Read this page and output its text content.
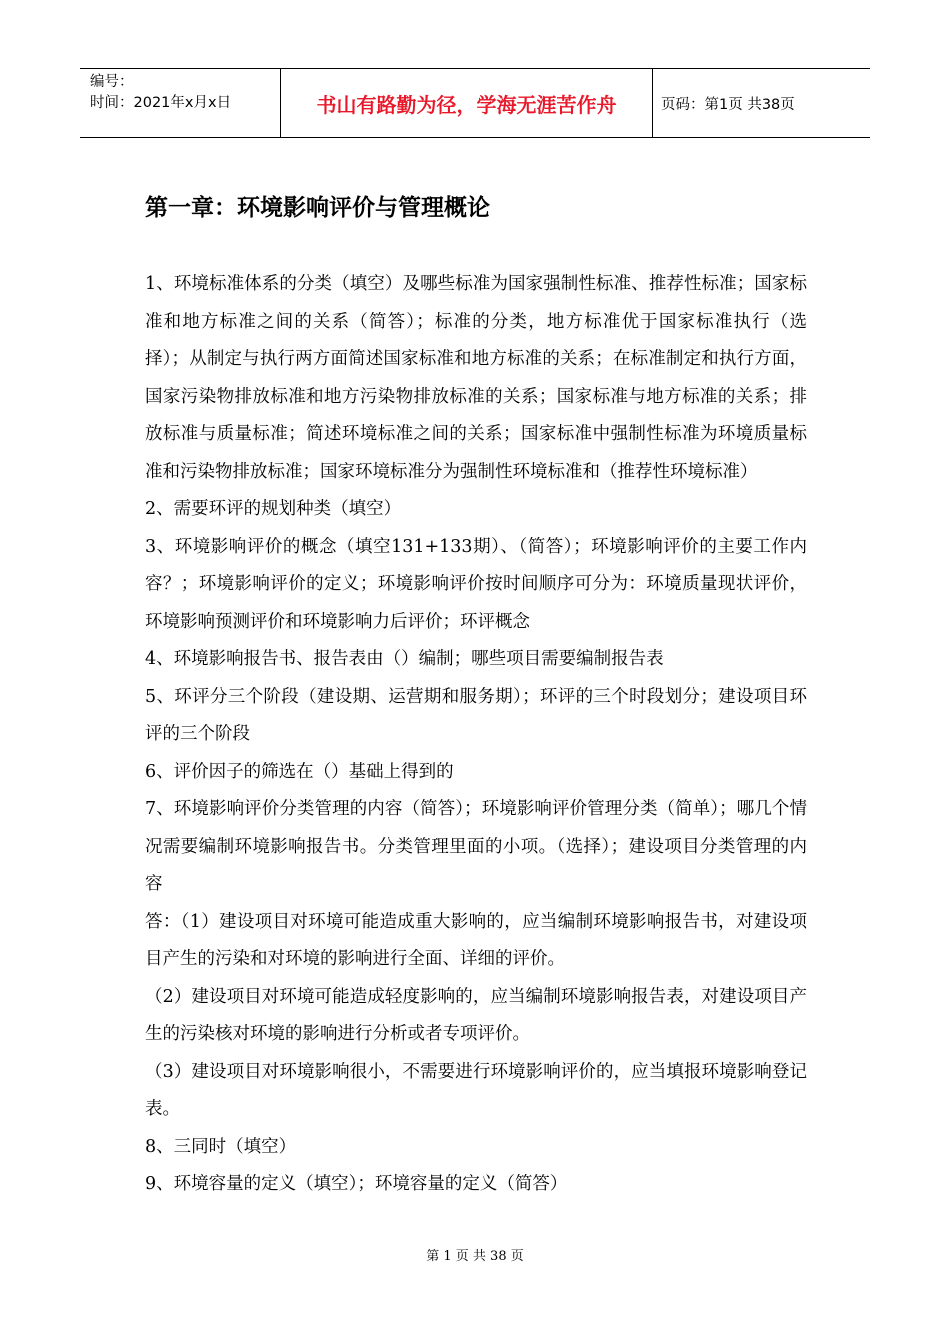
编号：
时间：2021年x月x日	书山有路勤为径，学海无涯苦作舟	页码：第1页 共38页
第一章：环境影响评价与管理概论

1、环境标准体系的分类（填空）及哪些标准为国家强制性标准、推荐性标准；国家标准和地方标准之间的关系（简答）；标准的分类，地方标准优于国家标准执行（选择）；从制定与执行两方面简述国家标准和地方标准的关系；在标准制定和执行方面，国家污染物排放标准和地方污染物排放标准的关系；国家标准与地方标准的关系；排放标准与质量标准；简述环境标准之间的关系；国家标准中强制性标准为环境质量标准和污染物排放标准；国家环境标准分为强制性环境标准和（推荐性环境标准）

2、需要环评的规划种类（填空）

3、环境影响评价的概念（填空131+133期）、（简答）；环境影响评价的主要工作内容？；环境影响评价的定义；环境影响评价按时间顺序可分为：环境质量现状评价，环境影响预测评价和环境影响力后评价；环评概念

4、环境影响报告书、报告表由（）编制；哪些项目需要编制报告表

5、环评分三个阶段（建设期、运营期和服务期）；环评的三个时段划分；建设项目环评的三个阶段

6、评价因子的筛选在（）基础上得到的

7、环境影响评价分类管理的内容（简答）；环境影响评价管理分类（简单）；哪几个情况需要编制环境影响报告书。分类管理里面的小项。（选择）；建设项目分类管理的内容

答：（1）建设项目对环境可能造成重大影响的，应当编制环境影响报告书，对建设项目产生的污染和对环境的影响进行全面、详细的评价。

（2）建设项目对环境可能造成轻度影响的，应当编制环境影响报告表，对建设项目产生的污染核对环境的影响进行分析或者专项评价。

（3）建设项目对环境影响很小，不需要进行环境影响评价的，应当填报环境影响登记表。

8、三同时（填空）

9、环境容量的定义（填空）；环境容量的定义（简答）

第 1 页 共 38 页
